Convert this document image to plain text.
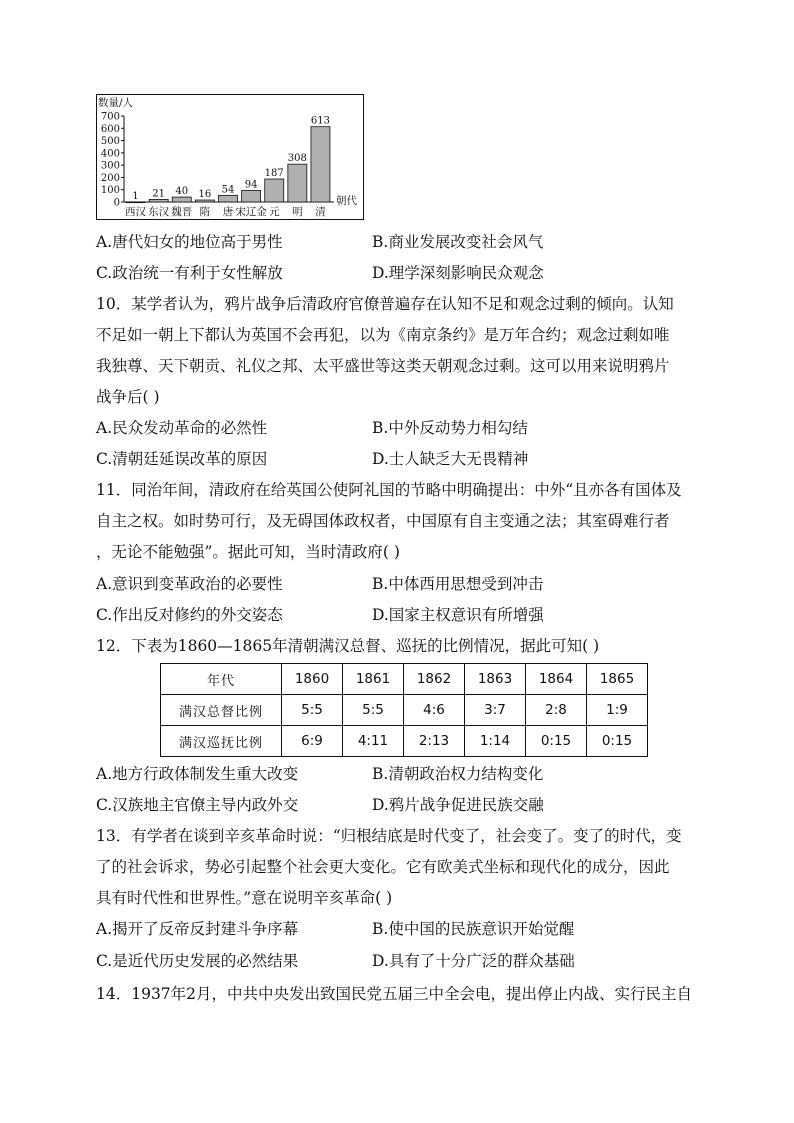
数量/人
朝代
0
100
200
300
400
500
600
700
1
西汉
21
东汉
40
魏晋
16
隋
54
唐
94
宋辽金
187
元
308
明
613
清
A.唐代妇女的地位高于男性	B.商业发展改变社会风气
C.政治统一有利于女性解放	D.理学深刻影响民众观念
10．某学者认为，鸦片战争后清政府官僚普遍存在认知不足和观念过剩的倾向。认知
不足如一朝上下都认为英国不会再犯，以为《南京条约》是万年合约；观念过剩如唯
我独尊、天下朝贡、礼仪之邦、太平盛世等这类天朝观念过剩。这可以用来说明鸦片
战争后( )
A.民众发动革命的必然性	B.中外反动势力相勾结
C.清朝廷延误改革的原因	D.士人缺乏大无畏精神
11．同治年间，清政府在给英国公使阿礼国的节略中明确提出：中外“且亦各有国体及
自主之权。如时势可行，及无碍国体政权者，中国原有自主变通之法；其室碍难行者
，无论不能勉强”。据此可知，当时清政府( )
A.意识到变革政治的必要性	B.中体西用思想受到冲击
C.作出反对修约的外交姿态	D.国家主权意识有所增强
12．下表为1860—1865年清朝满汉总督、巡抚的比例情况，据此可知( )
年代	1860	1861	1862	1863	1864	1865
满汉总督比例	5:5	5:5	4:6	3:7	2:8	1:9
满汉巡抚比例	6:9	4:11	2:13	1:14	0:15	0:15
A.地方行政体制发生重大改变	B.清朝政治权力结构变化
C.汉族地主官僚主导内政外交	D.鸦片战争促进民族交融
13．有学者在谈到辛亥革命时说：“归根结底是时代变了，社会变了。变了的时代，变
了的社会诉求，势必引起整个社会更大变化。它有欧美式坐标和现代化的成分，因此
具有时代性和世界性。”意在说明辛亥革命( )
A.揭开了反帝反封建斗争序幕	B.使中国的民族意识开始觉醒
C.是近代历史发展的必然结果	D.具有了十分广泛的群众基础
14．1937年2月，中共中央发出致国民党五届三中全会电，提出停止内战、实行民主自
